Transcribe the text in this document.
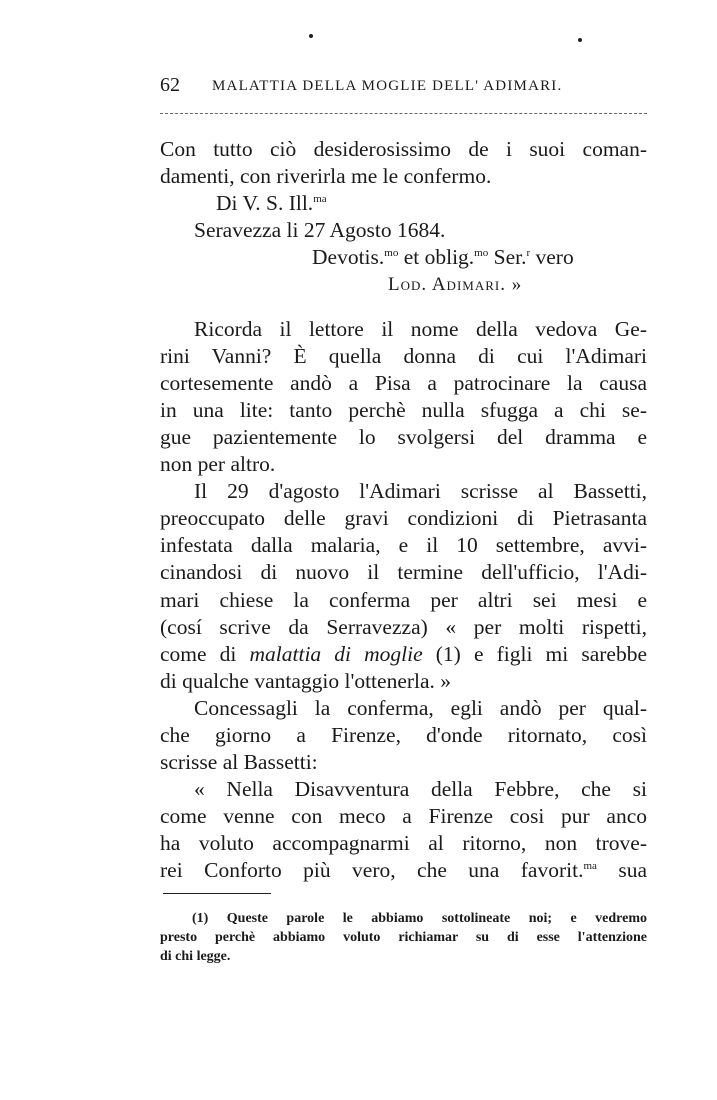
62 MALATTIA DELLA MOGLIE DELL' ADIMARI.
Con tutto ciò desiderosissimo de i suoi coman-
damenti, con riverirla me le confermo.
Di V. S. Ill.$^{ma}$
Seravezza li 27 Agosto 1684.
Devotis.$^{mo}$ et oblig.$^{mo}$ Ser.$^r$ vero
Lod. Adimari. »
Ricorda il lettore il nome della vedova Ge-
rini Vanni? È quella donna di cui l'Adimari
cortesemente andò a Pisa a patrocinare la causa
in una lite: tanto perchè nulla sfugga a chi se-
gue pazientemente lo svolgersi del dramma e
non per altro.
Il 29 d'agosto l'Adimari scrisse al Bassetti,
preoccupato delle gravi condizioni di Pietrasanta
infestata dalla malaria, e il 10 settembre, avvi-
cinandosi di nuovo il termine dell'ufficio, l'Adi-
mari chiese la conferma per altri sei mesi e
(cosí scrive da Serravezza) « per molti rispetti,
come di malattia di moglie (1) e figli mi sarebbe
di qualche vantaggio l'ottenerla. »
Concessagli la conferma, egli andò per qual-
che giorno a Firenze, d'onde ritornato, così
scrisse al Bassetti:
« Nella Disavventura della Febbre, che si
come venne con meco a Firenze cosi pur anco
ha voluto accompagnarmi al ritorno, non trove-
rei Conforto più vero, che una favorit.$^{ma}$ sua
(1) Queste parole le abbiamo sottolineate noi; e vedremo
presto perchè abbiamo voluto richiamar su di esse l'attenzione
di chi legge.
